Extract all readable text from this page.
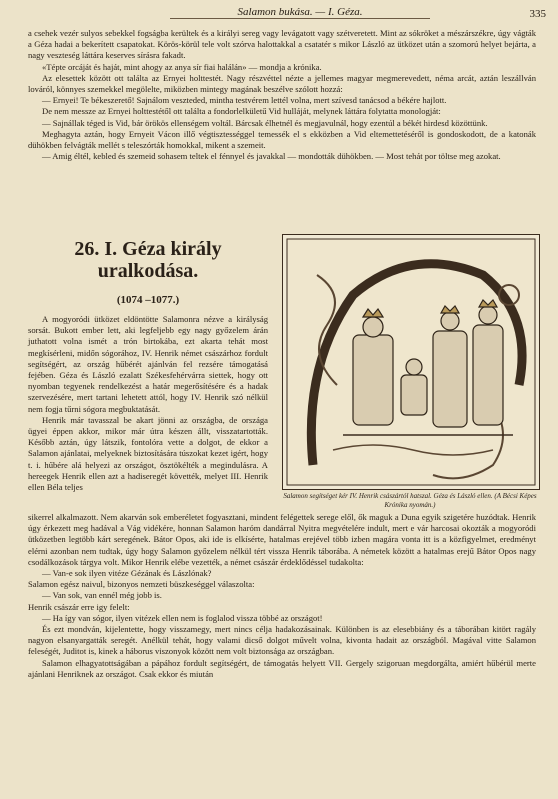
Salamon bukása. — I. Géza.	335

a csehek vezér sulyos sebekkel fogságba kerültek és a királyi sereg vagy levágatott vagy szétveretett. Mint az sókröket a mészárszékre, úgy vágták a Géza hadai a bekerített csapatokat. Körös-körül tele volt szórva halottakkal a csatatér s mikor László az ütközet után a szomorú helyet bejárta, a nagy veszteség láttára keserves sírásra fakadt.

«Tépte orcáját és haját, mint ahogy az anya sír fiai halálán» — mondja a krónika.

Az elesettek között ott találta az Ernyei holttestét. Nagy részvéttel nézte a jellemes magyar megmerevedett, néma arcát, aztán leszállván lováról, könnyes szemekkel megölelte, miközben mintegy magának beszélve szólott hozzá:

— Ernyei! Te békeszerető! Sajnálom veszteded, mintha testvérem lettél volna, mert szívesd tanácsod a békére hajlott.

De nem messze az Ernyei holttestétől ott találta a fondorlelkületű Vid hulláját, melynek láttára folytatta monologját:

— Sajnállak téged is Vid, bár örökös ellenségem voltál. Bárcsak élhetnél és megjavulnál, hogy ezentúl a békét hirdesd közöttünk.

Meghagyta aztán, hogy Ernyeit Vácon illő végtisztességgel temessék el s ekközben a Vid eltemettetéséről is gondoskodott, de a katonák dühökben felvágták mellét s teleszórták homokkal, mikent a szemeit.

— Amig éltél, kebled és szemeid sohasem teltek el fénnyel és javakkal — mondották dühökben. — Most tehát por töltse meg azokat.

26. I. Géza király uralkodása.
(1074 –1077.)

A mogyoródi ütközet eldöntötte Salamonra nézve a királyság sorsát. Bukott ember lett, aki legfeljebb egy nagy győzelem árán juthatott volna ismét a trón birtokába, ezt akarta tehát most megkísérleni, midőn sógorához, IV. Henrik német császárhoz fordult segítségért, az ország hűbérét ajánlván fel rezsére támogatásá fejében. Géza és László ezalatt Székesfehérvárra siettek, hogy ott nyomban tegyenek rendelkezést a határ megerősítésére és a hadak szervezésére, mert tartani lehetett attól, hogy IV. Henrik szó nélkül nem fogja tűrni sógora megbuktatását.

Henrik már tavasszal be akart jönni az országba, de országa ügyei éppen akkor, mikor már útra készen állt, visszatartották. Később aztán, úgy látszik, fontolóra vette a dolgot, de ekkor a Salamon ajánlatai, melyeknek biztosítására túszokat kezet igért, hogy t. i. hűbére alá helyezi az országot, ösztökélték a megindulásra. A hereegek Henrik ellen azt a hadiseregét követték, melyet III. Henrik ellen Béla teljes

Salamon segítséget kér IV. Henrik császártól hatszal. Géza és László ellen. (A Bécsi Képes Krónika nyomán.)

sikerrel alkalmazott. Nem akarván sok emberéletet fogyasztani, mindent felégettek serege elől, ők maguk a Duna egyik szigetére huzódtak. Henrik úgy érkezett meg hadával a Vág vidékére, honnan Salamon haróm dandárral Nyitra megvételére indult, mert e vár harcosai okozták a mogyoródi ütközetben legtöbb kárt seregének. Bátor Opos, aki ide is elkísérte, hatalmas erejével több izben magára vonta itt is a közfigyelmet, eredményt elérni azonban nem tudtak, úgy hogy Salamon győzelem nélkül tért vissza Henrik táborába. A németek között a hatalmas erejű Bátor Opos nagy csodálkozások tárgya volt. Mikor Henrik elébe vezették, a német császár érdeklődéssel tudakolta:

— Van-e sok ilyen vitéze Gézának és Lászlónak?

Salamon egész naivul, bizonyos nemzeti büszkeséggel válaszolta:

— Van sok, van ennél még jobb is.

Henrik császár erre igy felelt:

— Ha így van sógor, ilyen vitézek ellen nem is foglalod vissza többé az országot!

És ezt mondván, kijelentette, hogy visszamegy, mert nincs célja hadakozásainak. Különben is az elesebbiány és a táborában kitört ragály nagyon elsanyargatták seregét. Anélkül tehát, hogy valami dicső dolgot művelt volna, kivonta hadait az országból. Magával vitte Salamon feleségét, Juditot is, kinek a háborus viszonyok között nem volt biztonsága az országban.

Salamon elhagyatottságában a pápához fordult segítségért, de támogatás helyett VII. Gergely szigoruan megdorgálta, amiért hűbérül merte ajánlani Henriknek az országot. Csak ekkor és miután
